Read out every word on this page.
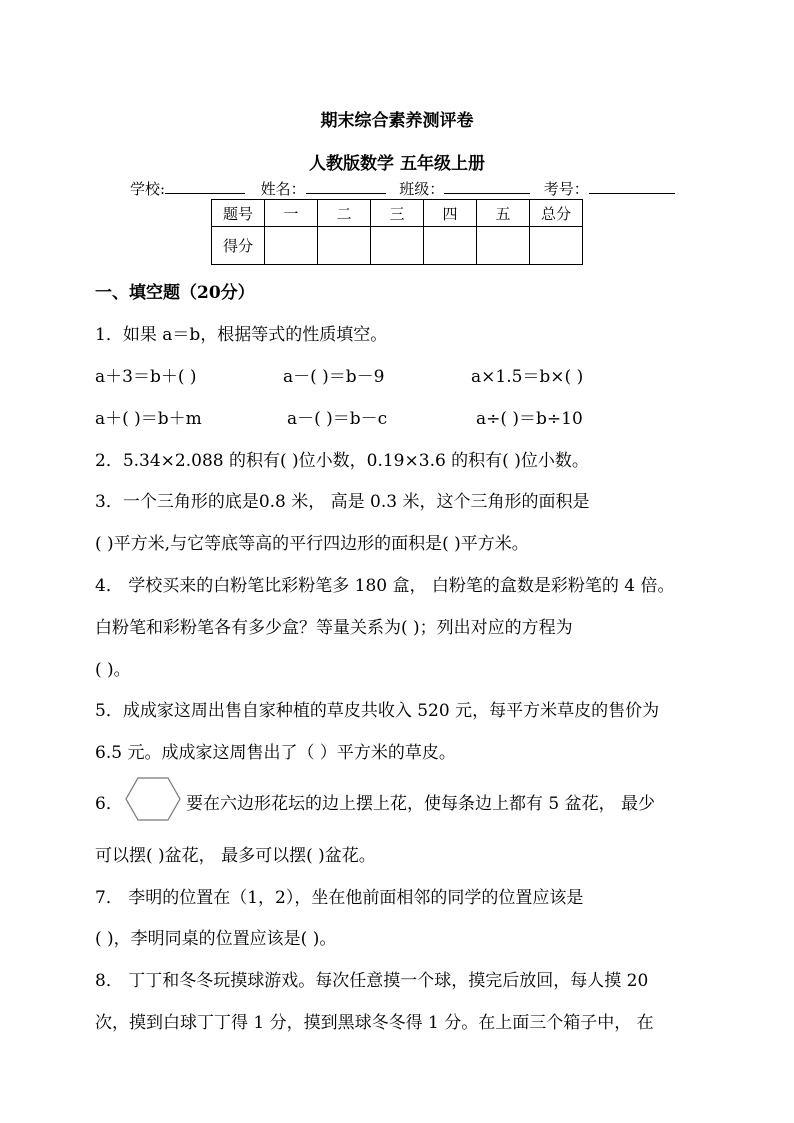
期末综合素养测评卷
人教版数学 五年级上册
学校:	姓名：	班级：	考号：
题号	一	二	三	四	五	总分
得分						
一、填空题（20分）
1．如果 a＝b，根据等式的性质填空。
a＋3＝b＋( )	a－( )＝b－9	a×1.5＝b×( )
a＋( )＝b＋m	a－( )＝b－c	a÷( )＝b÷10
2．5.34×2.088 的积有( )位小数，0.19×3.6 的积有( )位小数。
3．一个三角形的底是0.8 米， 高是 0.3 米，这个三角形的面积是
( )平方米,与它等底等高的平行四边形的面积是( )平方米。
4． 学校买来的白粉笔比彩粉笔多 180 盒， 白粉笔的盒数是彩粉笔的 4 倍。
白粉笔和彩粉笔各有多少盒？等量关系为( )；列出对应的方程为
( )。
5．成成家这周出售自家种植的草皮共收入 520 元，每平方米草皮的售价为
6.5 元。成成家这周售出了（ ）平方米的草皮。
6．	要在六边形花坛的边上摆上花，使每条边上都有 5 盆花， 最少
可以摆( )盆花， 最多可以摆( )盆花。
7． 李明的位置在（1，2），坐在他前面相邻的同学的位置应该是
( )，李明同桌的位置应该是( )。
8． 丁丁和冬冬玩摸球游戏。每次任意摸一个球，摸完后放回，每人摸 20
次，摸到白球丁丁得 1 分，摸到黑球冬冬得 1 分。在上面三个箱子中， 在
